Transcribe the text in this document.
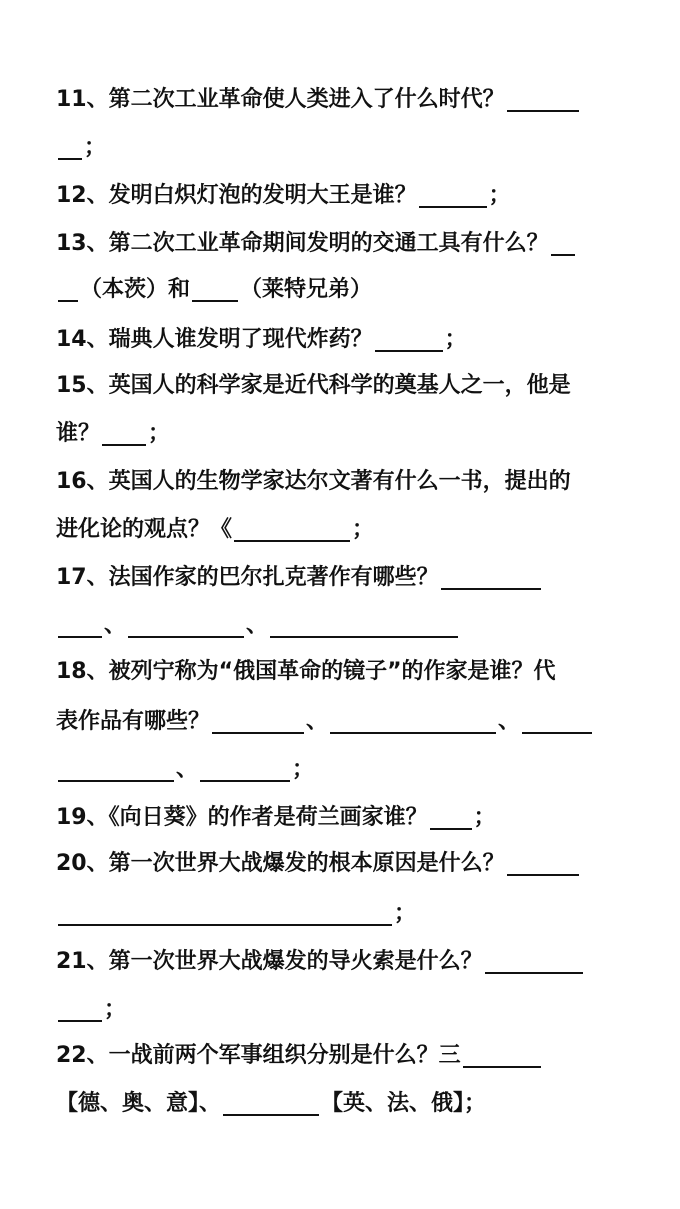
11、第二次工业革命使人类进入了什么时代？
；
12、发明白炽灯泡的发明大王是谁？	；
13、第二次工业革命期间发明的交通工具有什么？
（本茨）和 （莱特兄弟）
14、瑞典人谁发明了现代炸药？	；
15、英国人的科学家是近代科学的奠基人之一，他是
谁？ ；
16、英国人的生物学家达尔文著有什么一书，提出的
进化论的观点？《	；
17、法国作家的巴尔扎克著作有哪些？
、	、
18、被列宁称为“俄国革命的镜子”的作家是谁？代
表作品有哪些？	、	、
、	；
19、《向日葵》的作者是荷兰画家谁？ ；
20、第一次世界大战爆发的根本原因是什么？
；
21、第一次世界大战爆发的导火索是什么？
；
22、一战前两个军事组织分别是什么？三
【德、奥、意】、	【英、法、俄】；
